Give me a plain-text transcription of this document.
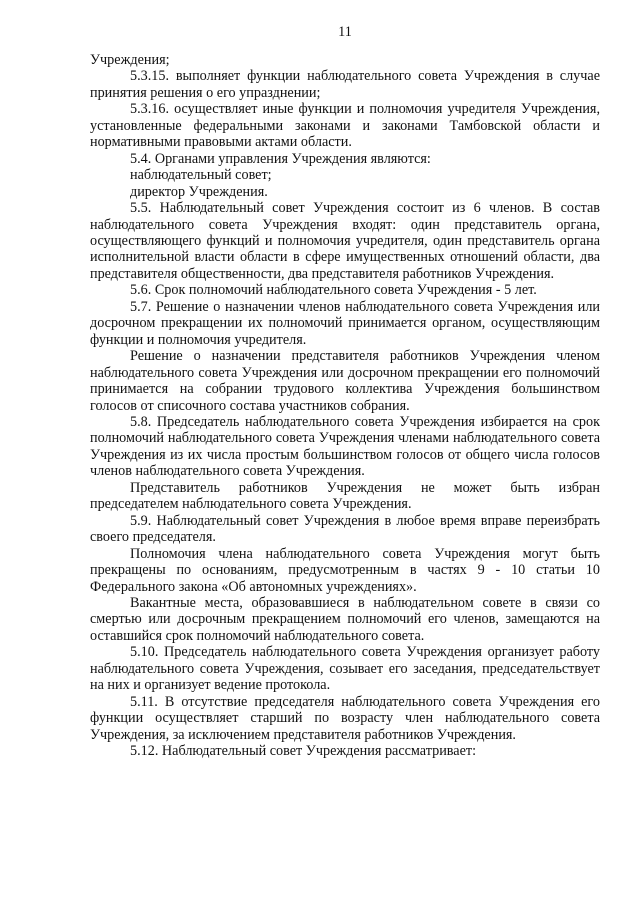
11

Учреждения;

5.3.15. выполняет функции наблюдательного совета Учреждения в случае принятия решения о его упразднении;

5.3.16. осуществляет иные функции и полномочия учредителя Учреждения, установленные федеральными законами и законами Тамбовской области и нормативными правовыми актами области.

5.4. Органами управления Учреждения являются:

наблюдательный совет;

директор Учреждения.

5.5. Наблюдательный совет Учреждения состоит из 6 членов. В состав наблюдательного совета Учреждения входят: один представитель органа, осуществляющего функций и полномочия учредителя, один представитель органа исполнительной власти области в сфере имущественных отношений области, два представителя общественности, два представителя работников Учреждения.

5.6. Срок полномочий наблюдательного совета Учреждения - 5 лет.

5.7. Решение о назначении членов наблюдательного совета Учреждения или досрочном прекращении их полномочий принимается органом, осуществляющим функции и полномочия учредителя.

Решение о назначении представителя работников Учреждения членом наблюдательного совета Учреждения или досрочном прекращении его полномочий принимается на собрании трудового коллектива Учреждения большинством голосов от списочного состава участников собрания.

5.8. Председатель наблюдательного совета Учреждения избирается на срок полномочий наблюдательного совета Учреждения членами наблюдательного совета Учреждения из их числа простым большинством голосов от общего числа голосов членов наблюдательного совета Учреждения.

Представитель работников Учреждения не может быть избран председателем наблюдательного совета Учреждения.

5.9. Наблюдательный совет Учреждения в любое время вправе переизбрать своего председателя.

Полномочия члена наблюдательного совета Учреждения могут быть прекращены по основаниям, предусмотренным в частях 9 - 10 статьи 10 Федерального закона «Об автономных учреждениях».

Вакантные места, образовавшиеся в наблюдательном совете в связи со смертью или досрочным прекращением полномочий его членов, замещаются на оставшийся срок полномочий наблюдательного совета.

5.10. Председатель наблюдательного совета Учреждения организует работу наблюдательного совета Учреждения, созывает его заседания, председательствует на них и организует ведение протокола.

5.11. В отсутствие председателя наблюдательного совета Учреждения его функции осуществляет старший по возрасту член наблюдательного совета Учреждения, за исключением представителя работников Учреждения.

5.12. Наблюдательный совет Учреждения рассматривает:
